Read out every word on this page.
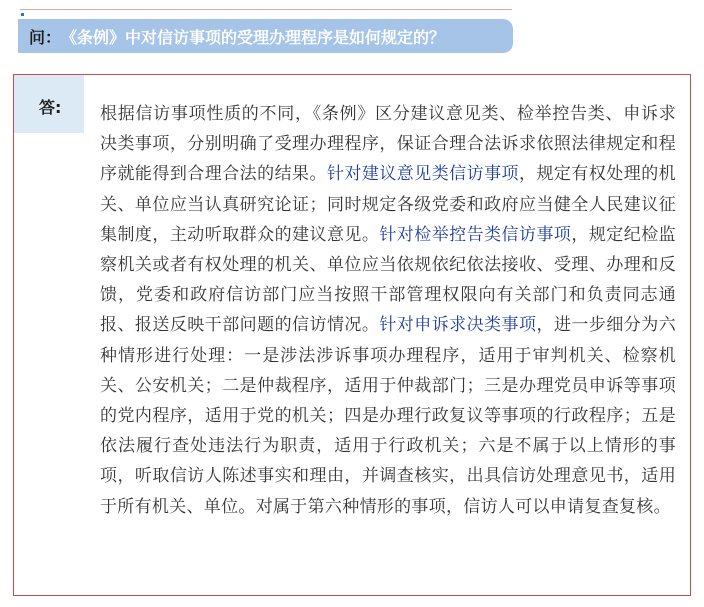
问： 《条例》中对信访事项的受理办理程序是如何规定的？
答: 根据信访事项性质的不同，《条例》区分建议意见类、检举控告类、申诉求决类事项，分别明确了受理办理程序，保证合理合法诉求依照法律规定和程序就能得到合理合法的结果。针对建议意见类信访事项，规定有权处理的机关、单位应当认真研究论证；同时规定各级党委和政府应当健全人民建议征集制度，主动听取群众的建议意见。针对检举控告类信访事项，规定纪检监察机关或者有权处理的机关、单位应当依规依纪依法接收、受理、办理和反馈，党委和政府信访部门应当按照干部管理权限向有关部门和负责同志通报、报送反映干部问题的信访情况。针对申诉求决类事项，进一步细分为六种情形进行处理：一是涉法涉诉事项办理程序，适用于审判机关、检察机关、公安机关；二是仲裁程序，适用于仲裁部门；三是办理党员申诉等事项的党内程序，适用于党的机关；四是办理行政复议等事项的行政程序；五是依法履行查处违法行为职责，适用于行政机关；六是不属于以上情形的事项，听取信访人陈述事实和理由，并调查核实，出具信访处理意见书，适用于所有机关、单位。对属于第六种情形的事项，信访人可以申请复查复核。
